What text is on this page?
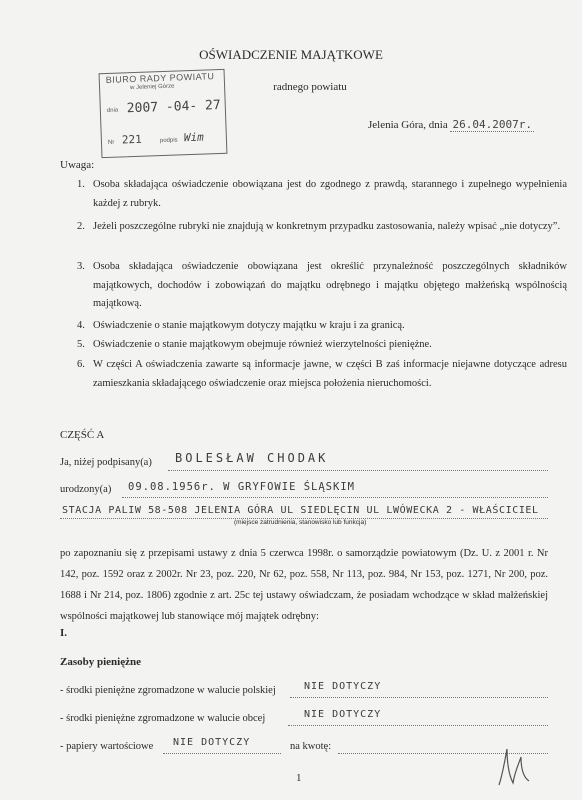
OŚWIADCZENIE MAJĄTKOWE
radnego powiatu
BIURO RADY POWIATU
w Jeleniej Górze
dnia 2007 -04- 27
Nr 221	podpis Wim
Jelenia Góra, dnia 26.04.2007r.
Uwaga:
1. Osoba składająca oświadczenie obowiązana jest do zgodnego z prawdą, starannego i zupełnego wypełnienia każdej z rubryk.
2. Jeżeli poszczególne rubryki nie znajdują w konkretnym przypadku zastosowania, należy wpisać „nie dotyczy”.
3. Osoba składająca oświadczenie obowiązana jest określić przynależność poszczególnych składników majątkowych, dochodów i zobowiązań do majątku odrębnego i majątku objętego małżeńską wspólnością majątkową.
4. Oświadczenie o stanie majątkowym dotyczy majątku w kraju i za granicą.
5. Oświadczenie o stanie majątkowym obejmuje również wierzytelności pieniężne.
6. W części A oświadczenia zawarte są informacje jawne, w części B zaś informacje niejawne dotyczące adresu zamieszkania składającego oświadczenie oraz miejsca położenia nieruchomości.
CZĘŚĆ A
Ja, niżej podpisany(a) BOLESŁAW CHODAK
urodzony(a) 09.08.1956r. W GRYFOWIE ŚLĄSKIM
STACJA PALIW 58-508 JELENIA GÓRA UL SIEDLĘCIN UL LWÓWECKA 2 - WŁAŚCICIEL
(miejsce zatrudnienia, stanowisko lub funkcja)
po zapoznaniu się z przepisami ustawy z dnia 5 czerwca 1998r. o samorządzie powiatowym (Dz. U. z 2001 r. Nr 142, poz. 1592 oraz z 2002r. Nr 23, poz. 220, Nr 62, poz. 558, Nr 113, poz. 984, Nr 153, poz. 1271, Nr 200, poz. 1688 i Nr 214, poz. 1806) zgodnie z art. 25c tej ustawy oświadczam, że posiadam wchodzące w skład małżeńskiej wspólności majątkowej lub stanowiące mój majątek odrębny:
I.
Zasoby pieniężne
- środki pieniężne zgromadzone w walucie polskiej	NIE DOTYCZY
- środki pieniężne zgromadzone w walucie obcej	NIE DOTYCZY
- papiery wartościowe NIE DOTYCZY	na kwotę:
1
